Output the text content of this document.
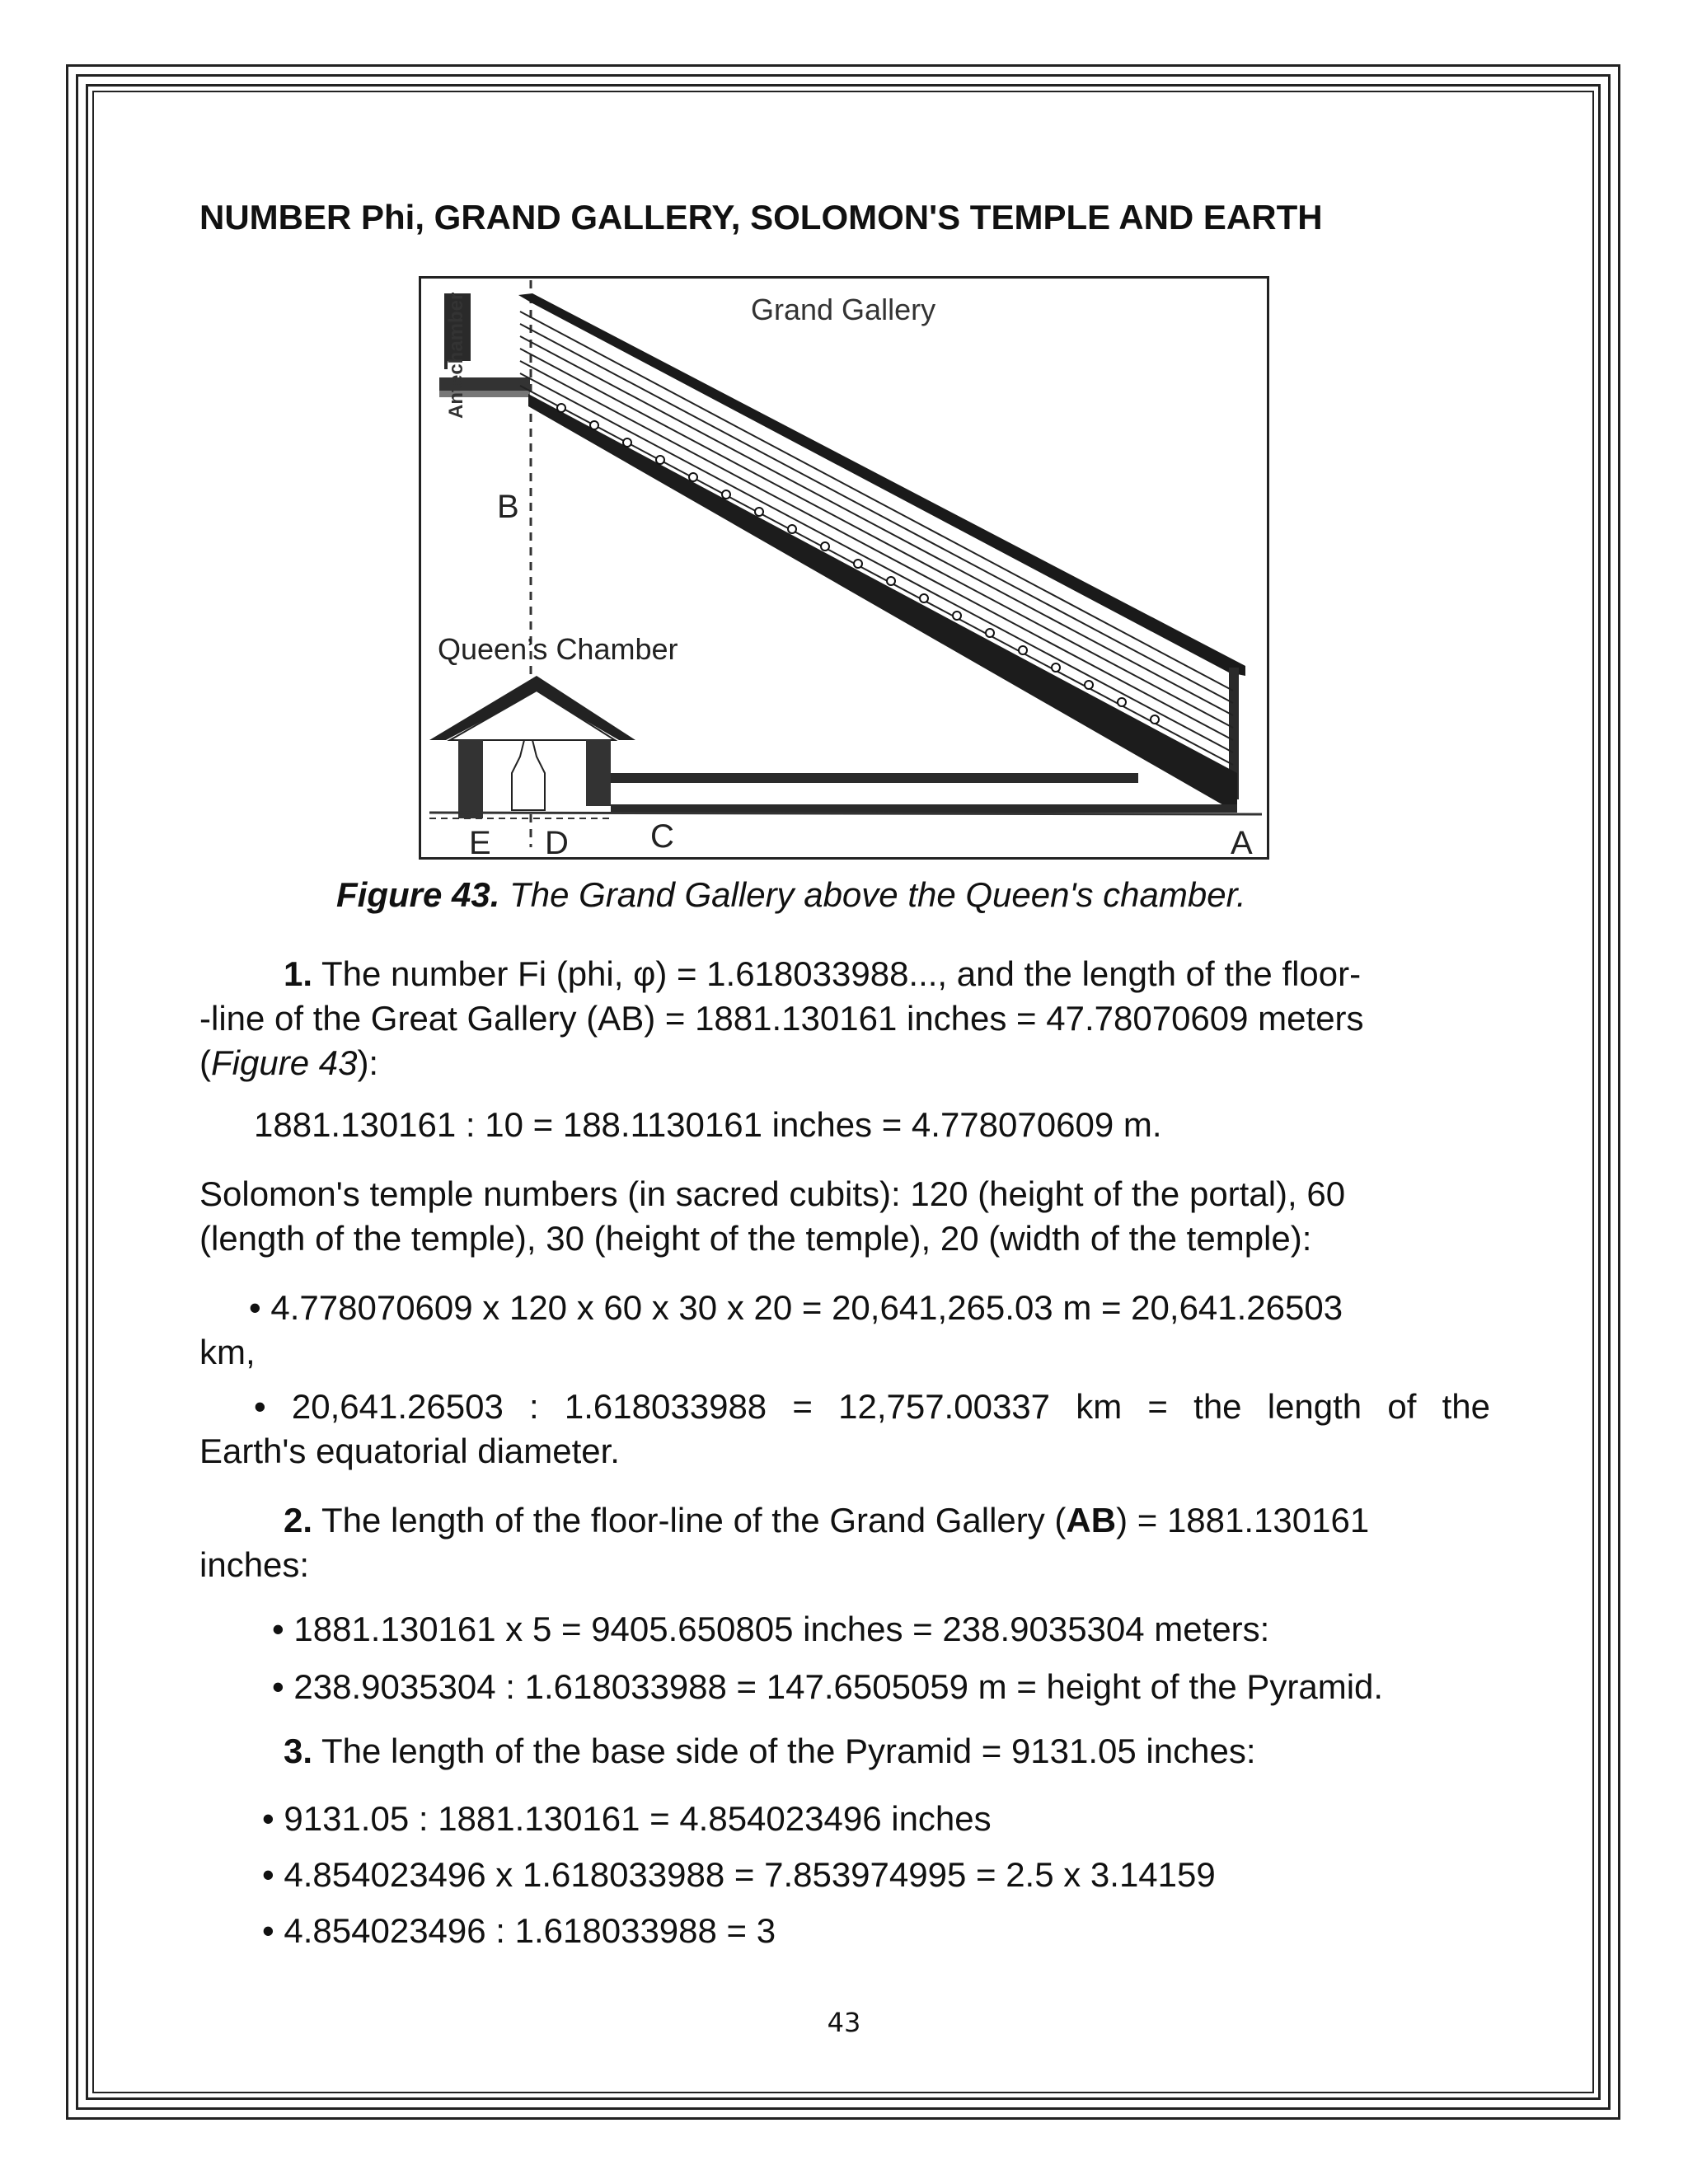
NUMBER Phi, GRAND GALLERY, SOLOMON'S TEMPLE AND EARTH
Grand Gallery
Antechamber
B
Queen’s Chamber
E D C	A
Figure 43. The Grand Gallery above the Queen's chamber.
1. The number Fi (phi, φ) = 1.618033988..., and the length of the floor-
-line of the Great Gallery (AB) = 1881.130161 inches = 47.78070609 meters
(Figure 43):
1881.130161 : 10 = 188.1130161 inches = 4.778070609 m.
Solomon's temple numbers (in sacred cubits): 120 (height of the portal), 60
(length of the temple), 30 (height of the temple), 20 (width of the temple):
• 4.778070609 x 120 x 60 x 30 x 20 = 20,641,265.03 m = 20,641.26503
km,
• 20,641.26503 : 1.618033988 = 12,757.00337 km = the length of the
Earth's equatorial diameter.
2. The length of the floor-line of the Grand Gallery (AB) = 1881.130161
inches:
• 1881.130161 x 5 = 9405.650805 inches = 238.9035304 meters:
• 238.9035304 : 1.618033988 = 147.6505059 m = height of the Pyramid.
3. The length of the base side of the Pyramid = 9131.05 inches:
• 9131.05 : 1881.130161 = 4.854023496 inches
• 4.854023496 x 1.618033988 = 7.853974995 = 2.5 x 3.14159
• 4.854023496 : 1.618033988 = 3
43
